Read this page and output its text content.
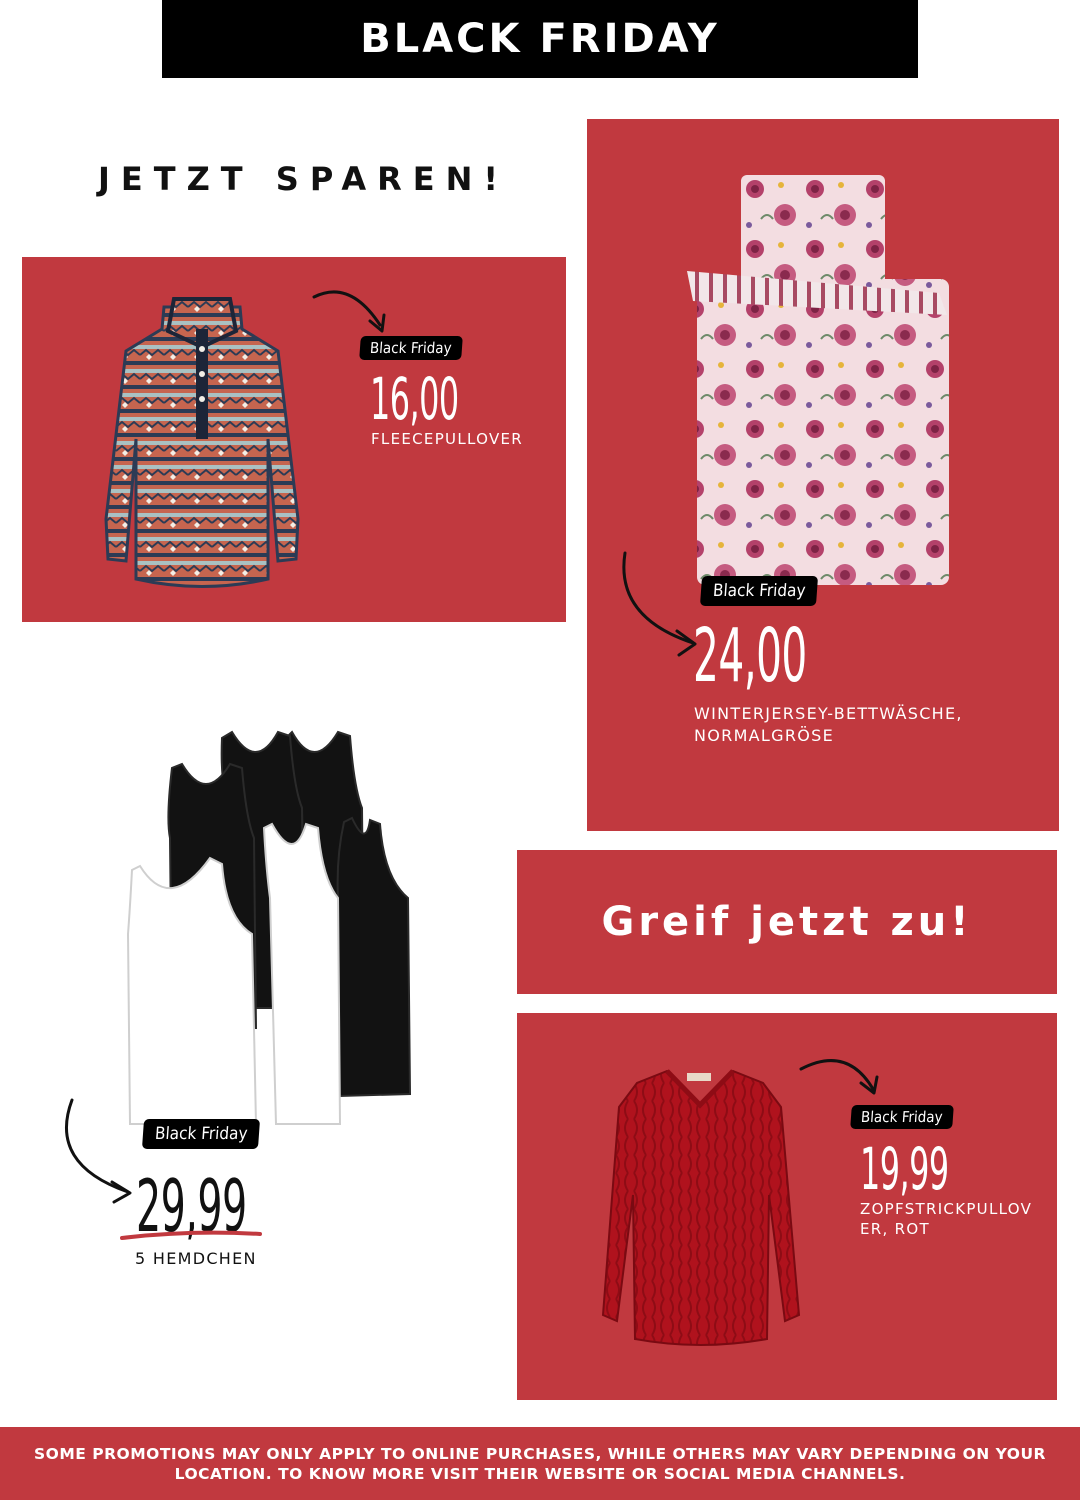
BLACK FRIDAY
JETZT SPAREN!
Black Friday
16,00
FLEECEPULLOVER
Black Friday
24,00
WINTERJERSEY-BETTWÄSCHE,
NORMALGRÖSE
Black Friday
29,99
5 HEMDCHEN
Greif jetzt zu!
Black Friday
19,99
ZOPFSTRICKPULLOV
ER, ROT
SOME PROMOTIONS MAY ONLY APPLY TO ONLINE PURCHASES, WHILE OTHERS MAY VARY DEPENDING ON YOUR
LOCATION. TO KNOW MORE VISIT THEIR WEBSITE OR SOCIAL MEDIA CHANNELS.
